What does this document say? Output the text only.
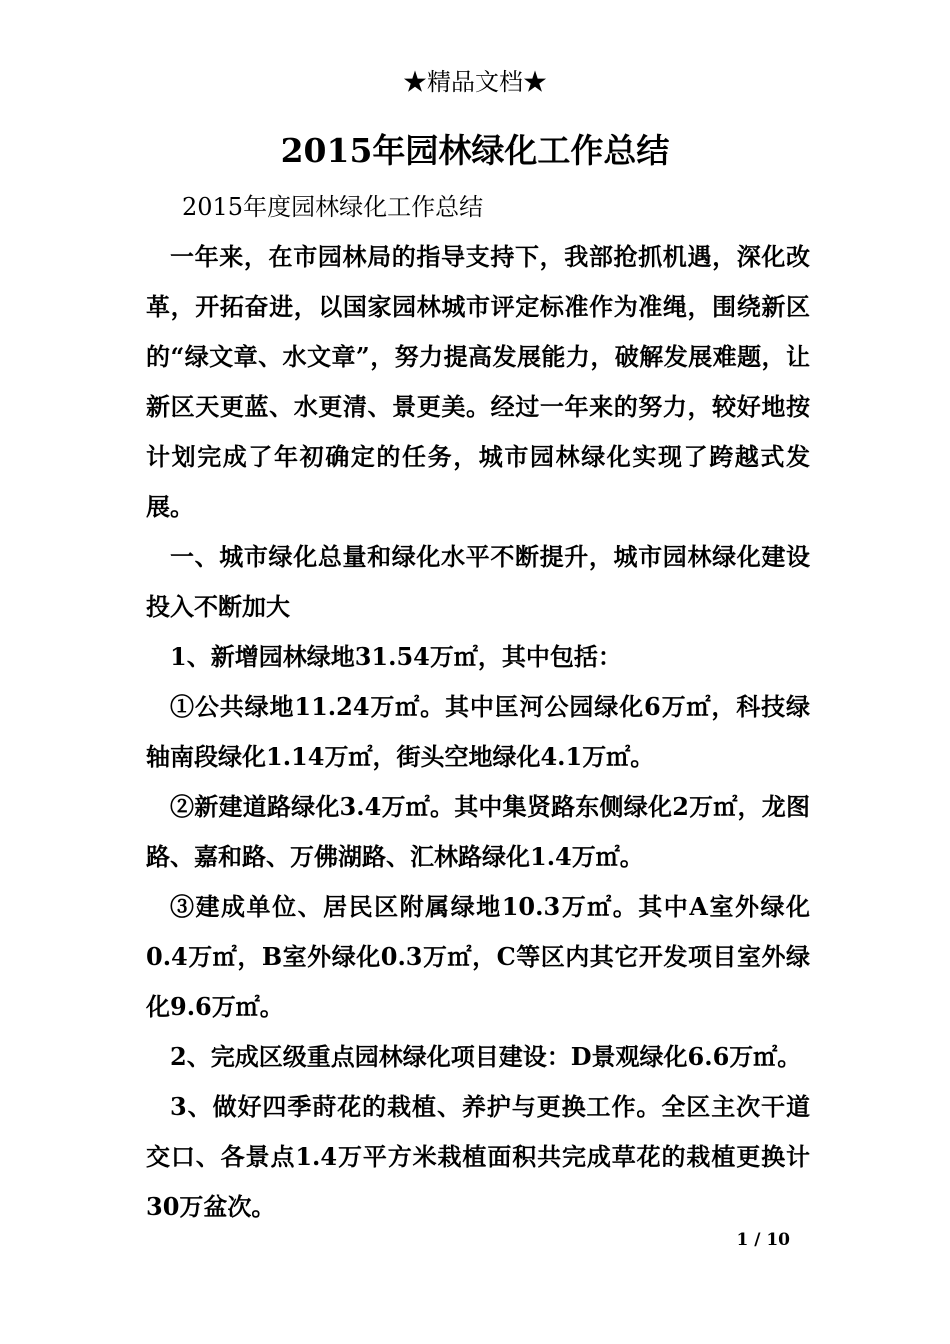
★精品文档★
2015年园林绿化工作总结

2015年度园林绿化工作总结

一年来，在市园林局的指导支持下，我部抢抓机遇，深化改革，开拓奋进，以国家园林城市评定标准作为准绳，围绕新区的“绿文章、水文章”，努力提高发展能力，破解发展难题，让新区天更蓝、水更清、景更美。经过一年来的努力，较好地按计划完成了年初确定的任务，城市园林绿化实现了跨越式发展。

一、城市绿化总量和绿化水平不断提升，城市园林绿化建设投入不断加大

1、新增园林绿地31.54万㎡，其中包括：

①公共绿地11.24万㎡。其中匡河公园绿化6万㎡，科技绿轴南段绿化1.14万㎡，街头空地绿化4.1万㎡。

②新建道路绿化3.4万㎡。其中集贤路东侧绿化2万㎡，龙图路、嘉和路、万佛湖路、汇林路绿化1.4万㎡。

③建成单位、居民区附属绿地10.3万㎡。其中A室外绿化0.4万㎡，B室外绿化0.3万㎡，C等区内其它开发项目室外绿化9.6万㎡。

2、完成区级重点园林绿化项目建设：D景观绿化6.6万㎡。

3、做好四季莳花的栽植、养护与更换工作。全区主次干道交口、各景点1.4万平方米栽植面积共完成草花的栽植更换计30万盆次。

1 / 10
